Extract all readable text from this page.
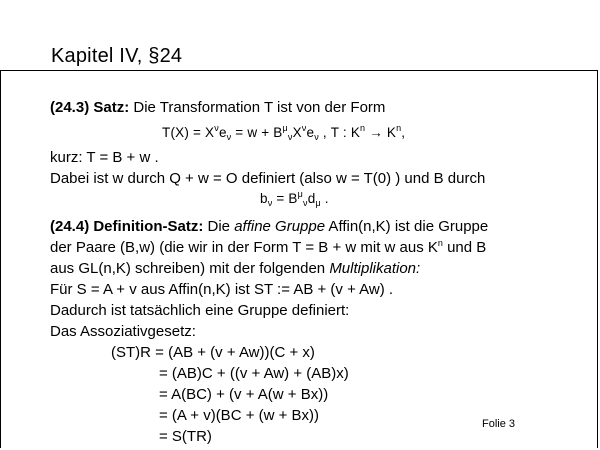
Kapitel IV, §24
(24.3) Satz: Die Transformation T ist von der Form
$T(X) = X^\nu e_\nu = w + B^\mu_\nu X^\nu e_\nu$ , T : $K^n \to K^n$,
kurz: T = B + w .
Dabei ist w durch Q + w = O definiert (also w = T(0) ) und B durch
$b_\nu = B^\mu_\nu d_\mu$ .
(24.4) Definition-Satz: Die affine Gruppe Affin(n,K) ist die Gruppe
der Paare (B,w) (die wir in der Form T = B + w mit w aus $K^n$ und B
aus GL(n,K) schreiben) mit der folgenden Multiplikation:
Für S = A + v aus Affin(n,K) ist ST := AB + (v + Aw) .
Dadurch ist tatsächlich eine Gruppe definiert:
Das Assoziativgesetz:
(ST)R = (AB + (v + Aw))(C + x)
= (AB)C + ((v + Aw) + (AB)x)
= A(BC) + (v + A(w + Bx))
= (A + v)(BC + (w + Bx))
= S(TR)
Folie 3
